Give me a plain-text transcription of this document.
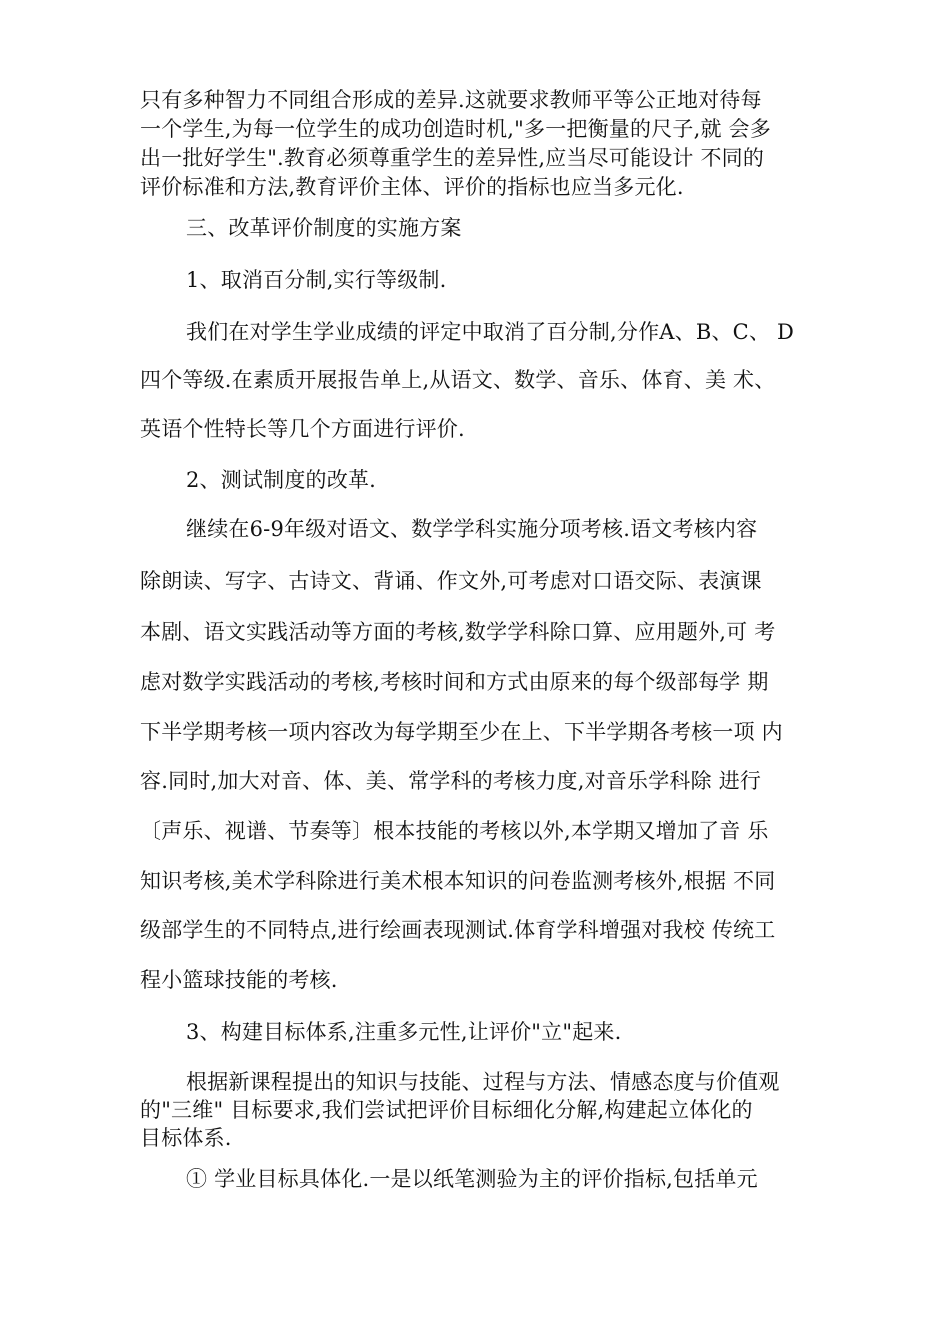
只有多种智力不同组合形成的差异.这就要求教师平等公正地对待每
一个学生,为每一位学生的成功创造时机,"多一把衡量的尺子,就 会多
出一批好学生".教育必须尊重学生的差异性,应当尽可能设计 不同的
评价标准和方法,教育评价主体、评价的指标也应当多元化.
三、改革评价制度的实施方案
1、取消百分制,实行等级制.
我们在对学生学业成绩的评定中取消了百分制,分作A、B、C、 D
四个等级.在素质开展报告单上,从语文、数学、音乐、体育、美 术、
英语个性特长等几个方面进行评价.
2、测试制度的改革.
继续在6-9年级对语文、数学学科实施分项考核.语文考核内容
除朗读、写字、古诗文、背诵、作文外,可考虑对口语交际、表演课
本剧、语文实践活动等方面的考核,数学学科除口算、应用题外,可 考
虑对数学实践活动的考核,考核时间和方式由原来的每个级部每学 期
下半学期考核一项内容改为每学期至少在上、下半学期各考核一项 内
容.同时,加大对音、体、美、常学科的考核力度,对音乐学科除 进行
〔声乐、视谱、节奏等〕根本技能的考核以外,本学期又增加了音 乐
知识考核,美术学科除进行美术根本知识的问卷监测考核外,根据 不同
级部学生的不同特点,进行绘画表现测试.体育学科增强对我校 传统工
程小篮球技能的考核.
3、构建目标体系,注重多元性,让评价"立"起来.
根据新课程提出的知识与技能、过程与方法、情感态度与价值观
的"三维" 目标要求,我们尝试把评价目标细化分解,构建起立体化的
目标体系.
① 学业目标具体化.一是以纸笔测验为主的评价指标,包括单元
